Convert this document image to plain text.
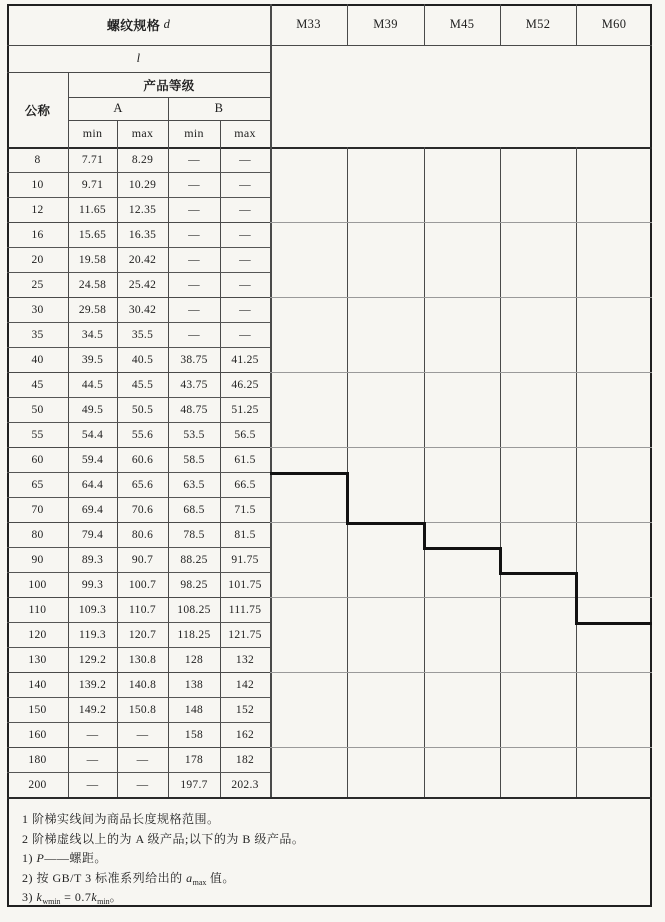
螺纹规格
d
l
公称
产品等级
A	B
min	max	min	max
M33	M39	M45	M52	M60
8	7.71	8.29	—	—
10	9.71	10.29	—	—
12	11.65	12.35	—	—
16	15.65	16.35	—	—
20	19.58	20.42	—	—
25	24.58	25.42	—	—
30	29.58	30.42	—	—
35	34.5	35.5	—	—
40	39.5	40.5	38.75	41.25
45	44.5	45.5	43.75	46.25
50	49.5	50.5	48.75	51.25
55	54.4	55.6	53.5	56.5
60	59.4	60.6	58.5	61.5
65	64.4	65.6	63.5	66.5
70	69.4	70.6	68.5	71.5
80	79.4	80.6	78.5	81.5
90	89.3	90.7	88.25	91.75
100	99.3	100.7	98.25	101.75
110	109.3	110.7	108.25	111.75
120	119.3	120.7	118.25	121.75
130	129.2	130.8	128	132
140	139.2	140.8	138	142
150	149.2	150.8	148	152
160	—	—	158	162
180	—	—	178	182
200	—	—	197.7	202.3
1 阶梯实线间为商品长度规格范围。
2 阶梯虚线以上的为 A 级产品;以下的为 B 级产品。
1) P——螺距。
2) 按 GB/T 3 标准系列给出的 $a_{max}$ 值。
3) $k_{wmin} = 0.7k_{min}$。
